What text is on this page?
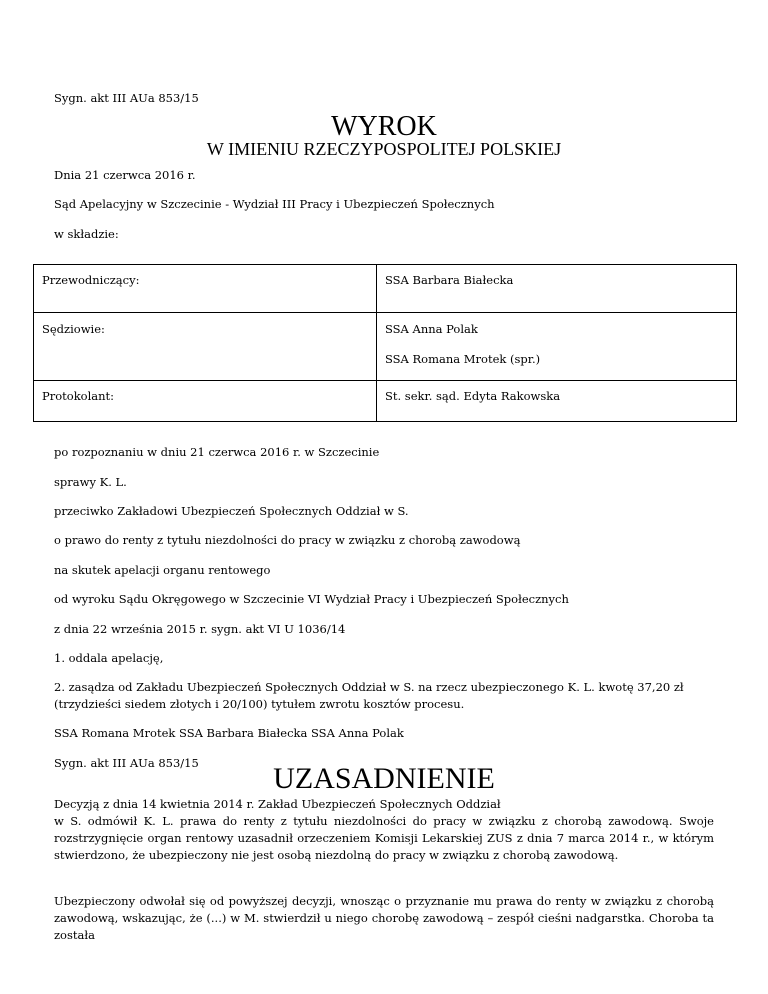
Sygn. akt III AUa 853/15
WYROK
W IMIENIU RZECZYPOSPOLITEJ POLSKIEJ
Dnia 21 czerwca 2016 r.
Sąd Apelacyjny w Szczecinie - Wydział III Pracy i Ubezpieczeń Społecznych
w składzie:
Przewodniczący:	SSA Barbara Białecka

Sędziowie:	SSA Anna Polak
SSA Romana Mrotek (spr.)

Protokolant:	St. sekr. sąd. Edyta Rakowska
po rozpoznaniu w dniu 21 czerwca 2016 r. w Szczecinie
sprawy K. L.
przeciwko Zakładowi Ubezpieczeń Społecznych Oddział w S.
o prawo do renty z tytułu niezdolności do pracy w związku z chorobą zawodową
na skutek apelacji organu rentowego
od wyroku Sądu Okręgowego w Szczecinie VI Wydział Pracy i Ubezpieczeń Społecznych
z dnia 22 września 2015 r. sygn. akt VI U 1036/14
1. oddala apelację,
2. zasądza od Zakładu Ubezpieczeń Społecznych Oddział w S. na rzecz ubezpieczonego K. L. kwotę 37,20 zł (trzydzieści siedem złotych i 20/100) tytułem zwrotu kosztów procesu.
SSA Romana Mrotek SSA Barbara Białecka SSA Anna Polak
Sygn. akt III AUa 853/15	UZASADNIENIE
Decyzją z dnia 14 kwietnia 2014 r. Zakład Ubezpieczeń Społecznych Oddział
w S. odmówił K. L. prawa do renty z tytułu niezdolności do pracy w związku z chorobą zawodową. Swoje rozstrzygnięcie organ rentowy uzasadnił orzeczeniem Komisji Lekarskiej ZUS z dnia 7 marca 2014 r., w którym stwierdzono, że ubezpieczony nie jest osobą niezdolną do pracy w związku z chorobą zawodową.
Ubezpieczony odwołał się od powyższej decyzji, wnosząc o przyznanie mu prawa do renty w związku z chorobą zawodową, wskazując, że (...) w M. stwierdził u niego chorobę zawodową – zespół cieśni nadgarstka. Choroba ta została
